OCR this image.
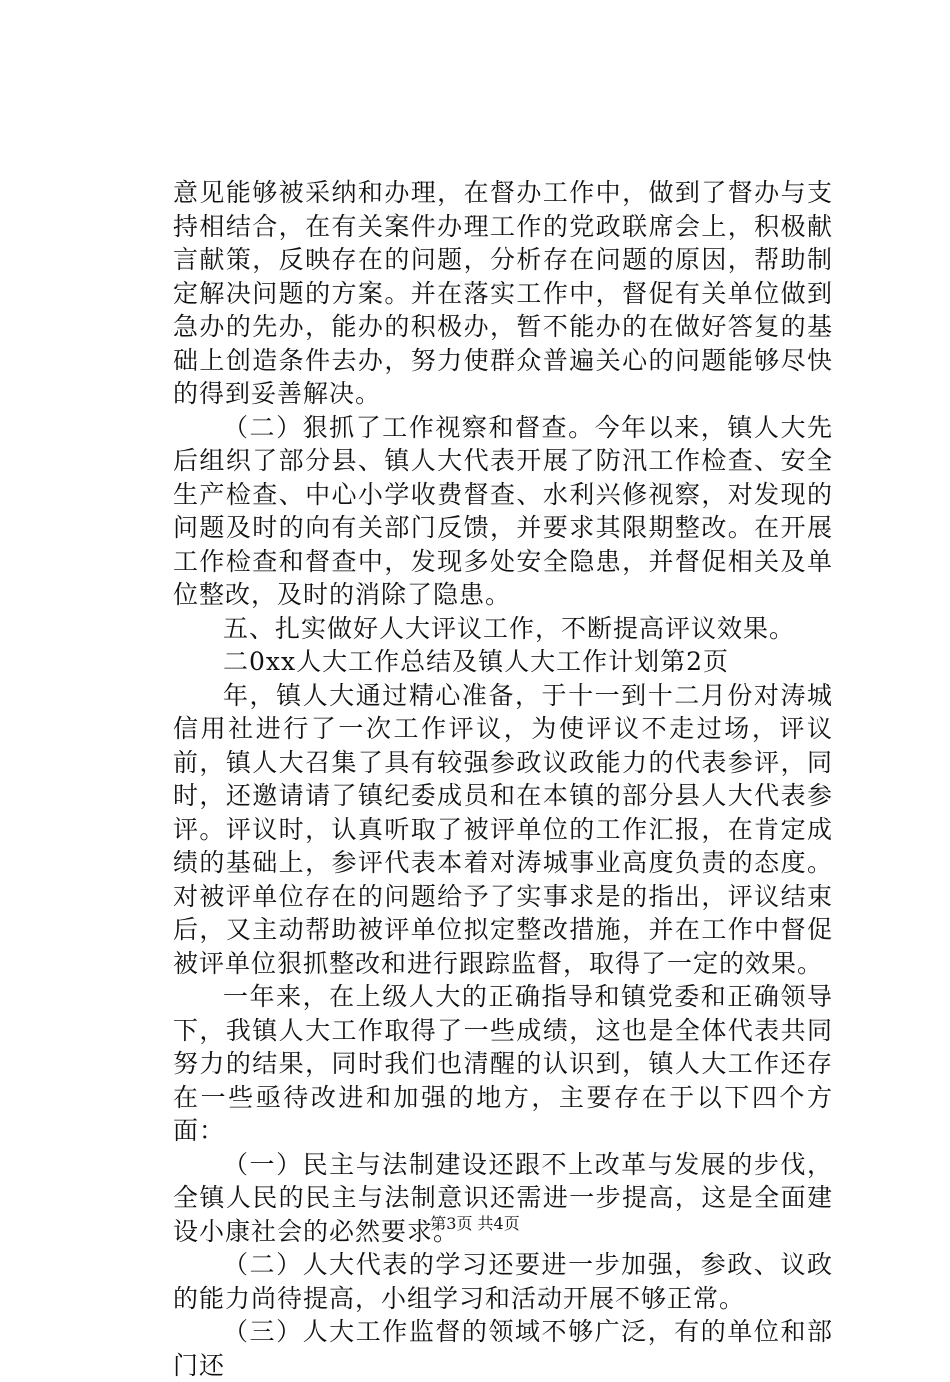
意见能够被采纳和办理，在督办工作中，做到了督办与支持相结合，在有关案件办理工作的党政联席会上，积极献言献策，反映存在的问题，分析存在问题的原因，帮助制定解决问题的方案。并在落实工作中，督促有关单位做到急办的先办，能办的积极办，暂不能办的在做好答复的基础上创造条件去办，努力使群众普遍关心的问题能够尽快的得到妥善解决。

（二）狠抓了工作视察和督查。今年以来，镇人大先后组织了部分县、镇人大代表开展了防汛工作检查、安全生产检查、中心小学收费督查、水利兴修视察，对发现的问题及时的向有关部门反馈，并要求其限期整改。在开展工作检查和督查中，发现多处安全隐患，并督促相关及单位整改，及时的消除了隐患。

五、扎实做好人大评议工作，不断提高评议效果。

二0xx人大工作总结及镇人大工作计划第2页

年，镇人大通过精心准备，于十一到十二月份对涛城信用社进行了一次工作评议，为使评议不走过场，评议前，镇人大召集了具有较强参政议政能力的代表参评，同时，还邀请请了镇纪委成员和在本镇的部分县人大代表参评。评议时，认真听取了被评单位的工作汇报，在肯定成绩的基础上，参评代表本着对涛城事业高度负责的态度。对被评单位存在的问题给予了实事求是的指出，评议结束后，又主动帮助被评单位拟定整改措施，并在工作中督促被评单位狠抓整改和进行跟踪监督，取得了一定的效果。

一年来，在上级人大的正确指导和镇党委和正确领导下，我镇人大工作取得了一些成绩，这也是全体代表共同努力的结果，同时我们也清醒的认识到，镇人大工作还存在一些亟待改进和加强的地方，主要存在于以下四个方面：

（一）民主与法制建设还跟不上改革与发展的步伐，全镇人民的民主与法制意识还需进一步提高，这是全面建设小康社会的必然要求。

（二）人大代表的学习还要进一步加强，参政、议政的能力尚待提高，小组学习和活动开展不够正常。

（三）人大工作监督的领域不够广泛，有的单位和部门还

第3页 共4页
